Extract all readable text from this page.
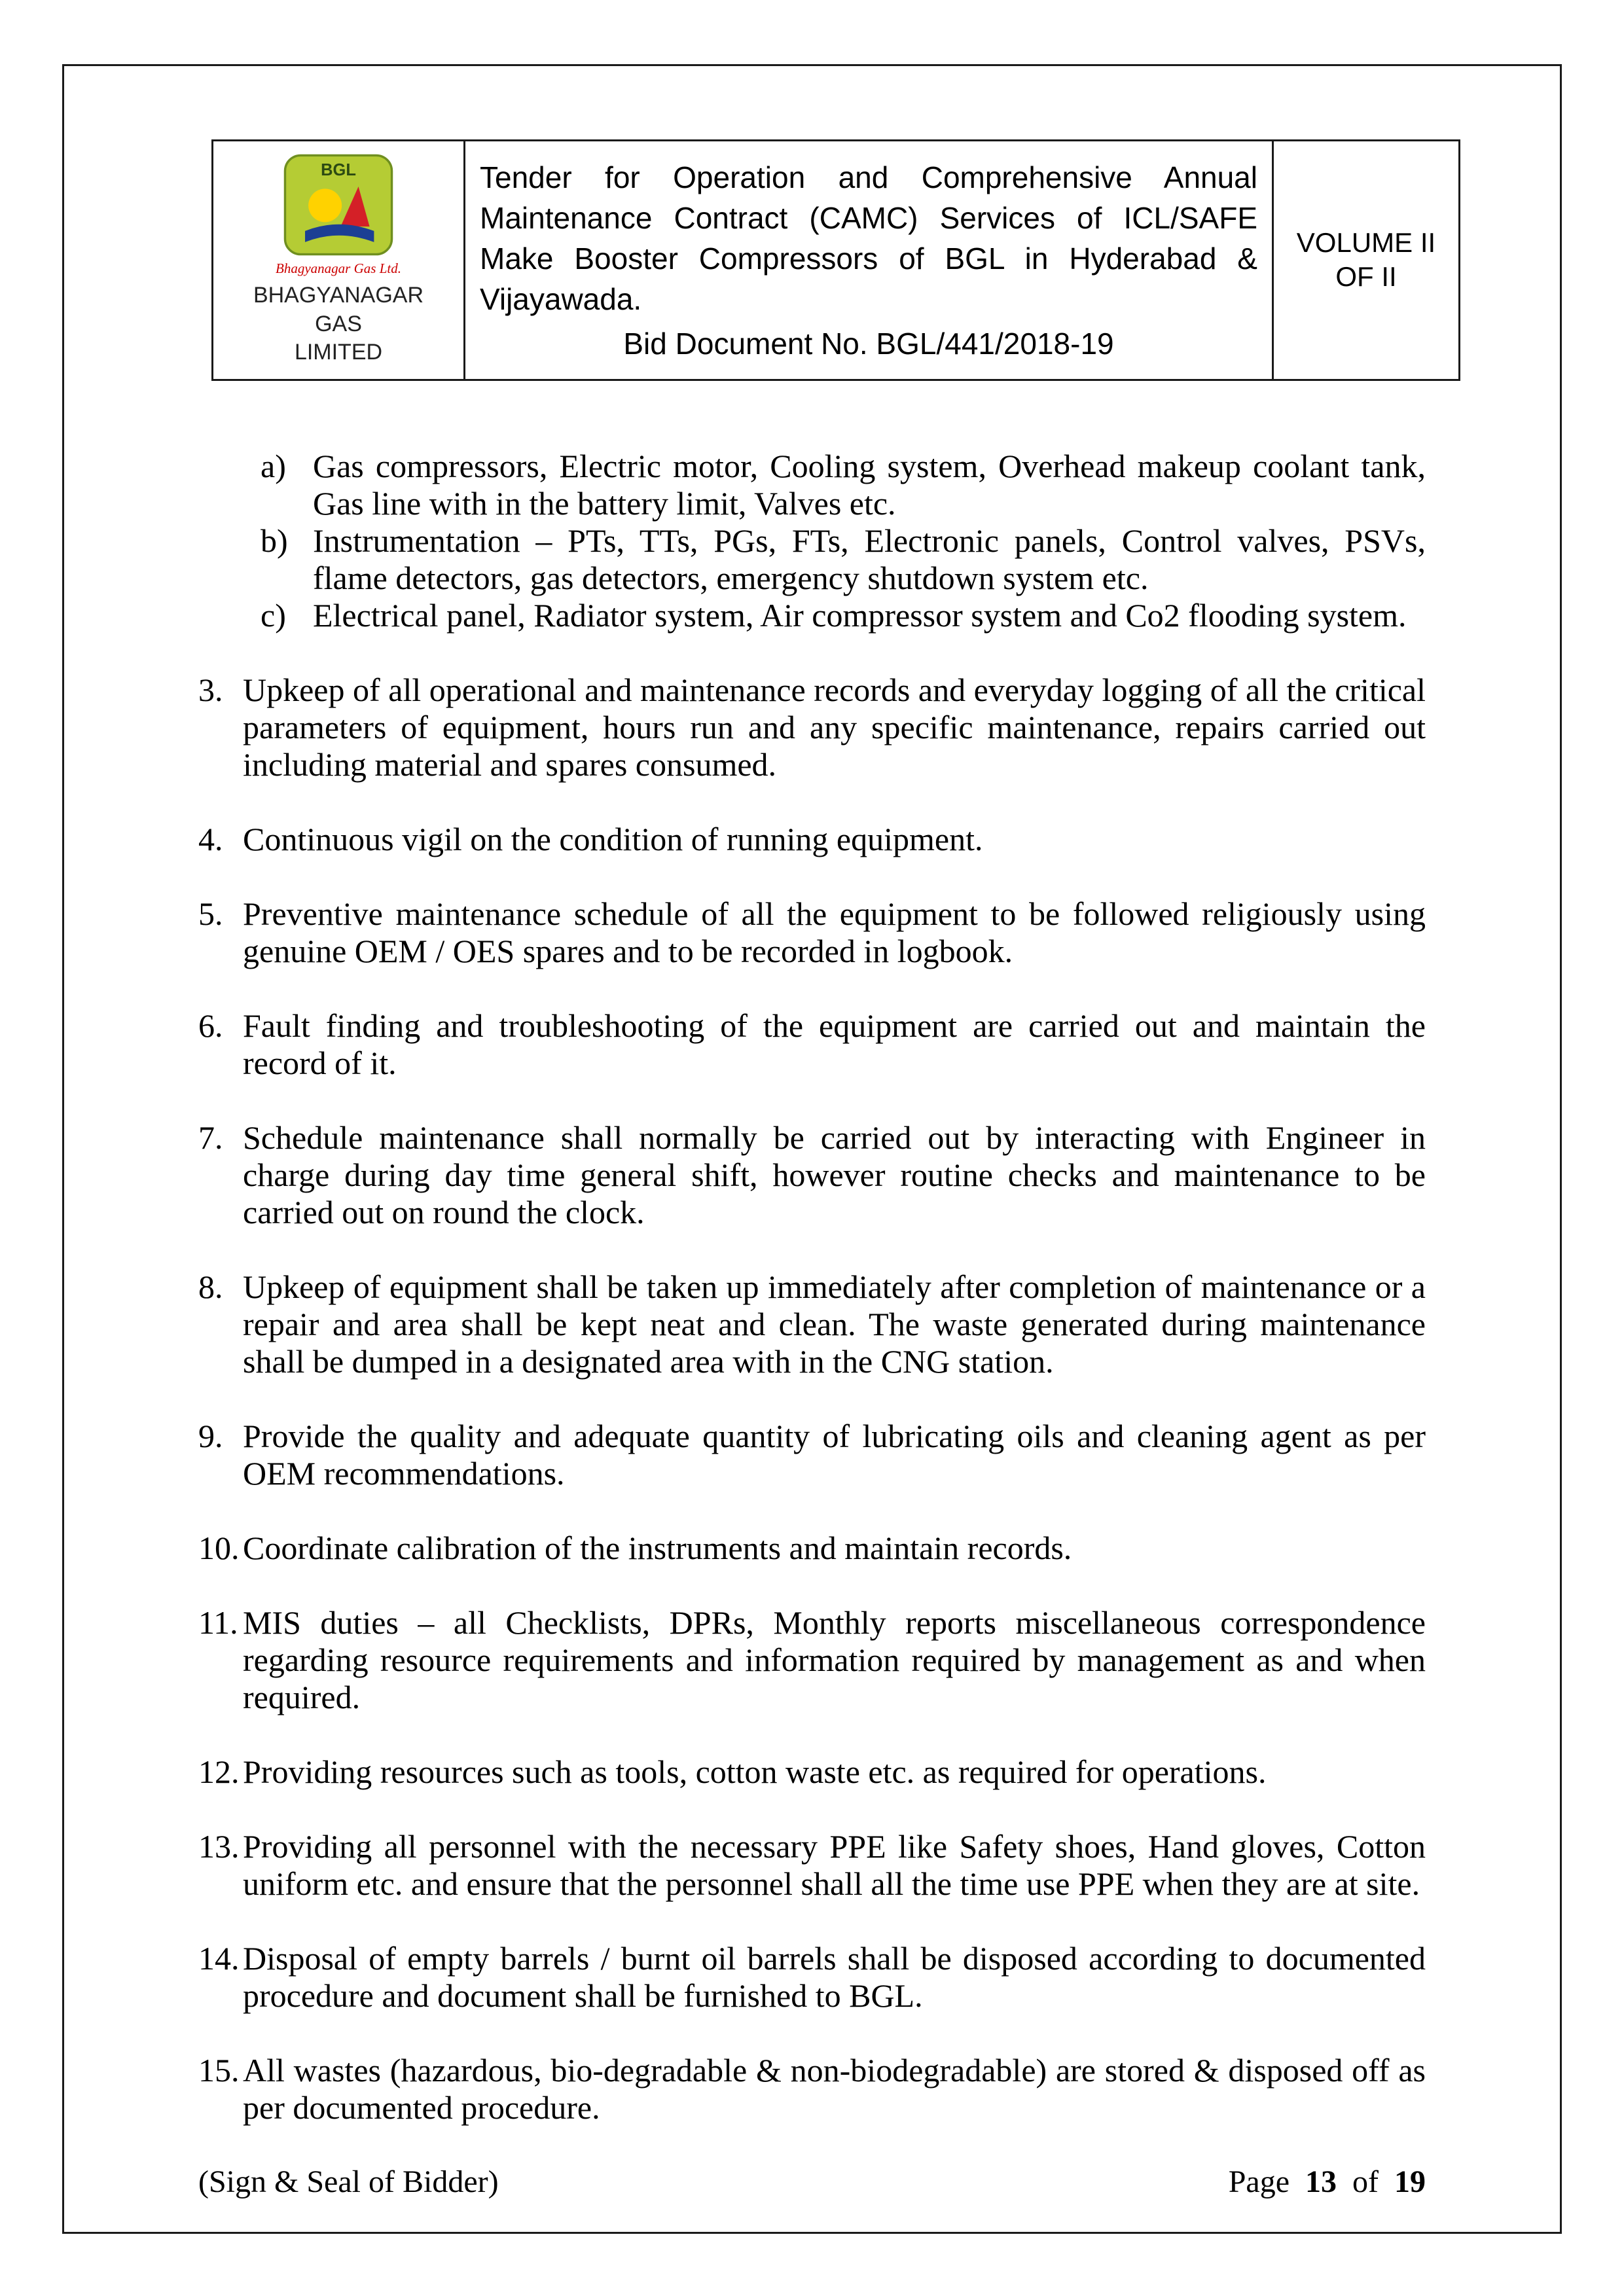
BGL
Bhagyanagar Gas Ltd.
BHAGYANAGAR GAS
LIMITED

Tender for Operation and Comprehensive Annual Maintenance Contract (CAMC) Services of ICL/SAFE Make Booster Compressors of BGL in Hyderabad & Vijayawada.
Bid Document No. BGL/441/2018-19

VOLUME II
OF II
a) Gas compressors, Electric motor, Cooling system, Overhead makeup coolant tank, Gas line with in the battery limit, Valves etc.
b) Instrumentation – PTs, TTs, PGs, FTs, Electronic panels, Control valves, PSVs, flame detectors, gas detectors, emergency shutdown system etc.
c) Electrical panel, Radiator system, Air compressor system and Co2 flooding system.
3. Upkeep of all operational and maintenance records and everyday logging of all the critical parameters of equipment, hours run and any specific maintenance, repairs carried out including material and spares consumed.
4. Continuous vigil on the condition of running equipment.
5. Preventive maintenance schedule of all the equipment to be followed religiously using genuine OEM / OES spares and to be recorded in logbook.
6. Fault finding and troubleshooting of the equipment are carried out and maintain the record of it.
7. Schedule maintenance shall normally be carried out by interacting with Engineer in charge during day time general shift, however routine checks and maintenance to be carried out on round the clock.
8. Upkeep of equipment shall be taken up immediately after completion of maintenance or a repair and area shall be kept neat and clean. The waste generated during maintenance shall be dumped in a designated area with in the CNG station.
9. Provide the quality and adequate quantity of lubricating oils and cleaning agent as per OEM recommendations.
10. Coordinate calibration of the instruments and maintain records.
11. MIS duties – all Checklists, DPRs, Monthly reports miscellaneous correspondence regarding resource requirements and information required by management as and when required.
12. Providing resources such as tools, cotton waste etc. as required for operations.
13. Providing all personnel with the necessary PPE like Safety shoes, Hand gloves, Cotton uniform etc. and ensure that the personnel shall all the time use PPE when they are at site.
14. Disposal of empty barrels / burnt oil barrels shall be disposed according to documented procedure and document shall be furnished to BGL.
15. All wastes (hazardous, bio-degradable & non-biodegradable) are stored & disposed off as per documented procedure.
(Sign & Seal of Bidder)	Page 13 of 19
